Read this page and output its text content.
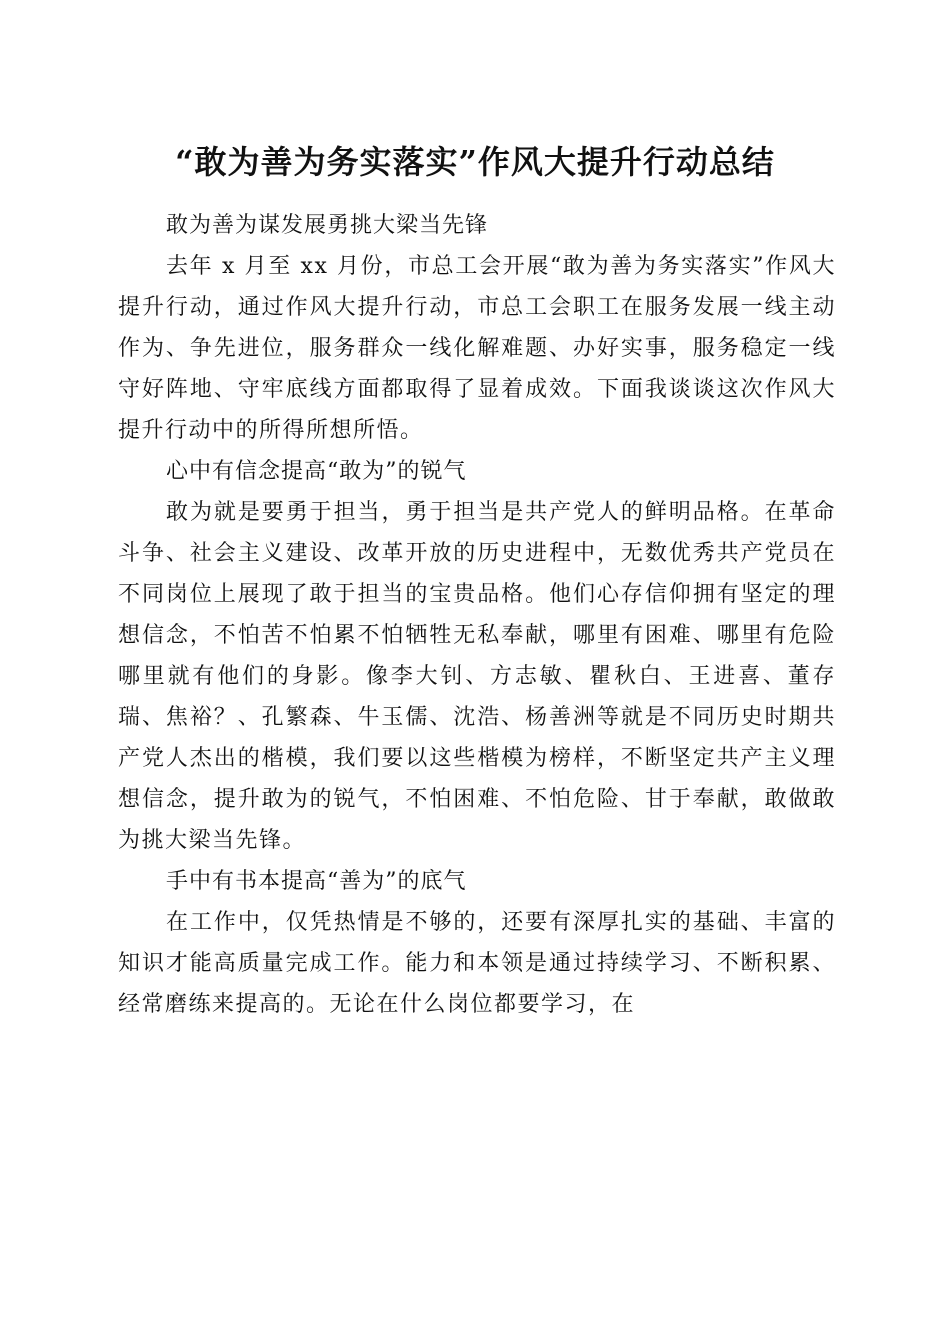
“敢为善为务实落实”作风大提升行动总结

敢为善为谋发展勇挑大梁当先锋

去年 x 月至 xx 月份，市总工会开展“敢为善为务实落实”作风大提升行动，通过作风大提升行动，市总工会职工在服务发展一线主动作为、争先进位，服务群众一线化解难题、办好实事，服务稳定一线守好阵地、守牢底线方面都取得了显着成效。下面我谈谈这次作风大提升行动中的所得所想所悟。

心中有信念提高“敢为”的锐气

敢为就是要勇于担当，勇于担当是共产党人的鲜明品格。在革命斗争、社会主义建设、改革开放的历史进程中，无数优秀共产党员在不同岗位上展现了敢于担当的宝贵品格。他们心存信仰拥有坚定的理想信念，不怕苦不怕累不怕牺牲无私奉献，哪里有困难、哪里有危险哪里就有他们的身影。像李大钊、方志敏、瞿秋白、王进喜、董存瑞、焦裕？、孔繁森、牛玉儒、沈浩、杨善洲等就是不同历史时期共产党人杰出的楷模，我们要以这些楷模为榜样，不断坚定共产主义理想信念，提升敢为的锐气，不怕困难、不怕危险、甘于奉献，敢做敢为挑大梁当先锋。

手中有书本提高“善为”的底气

在工作中，仅凭热情是不够的，还要有深厚扎实的基础、丰富的知识才能高质量完成工作。能力和本领是通过持续学习、不断积累、经常磨练来提高的。无论在什么岗位都要学习，在
